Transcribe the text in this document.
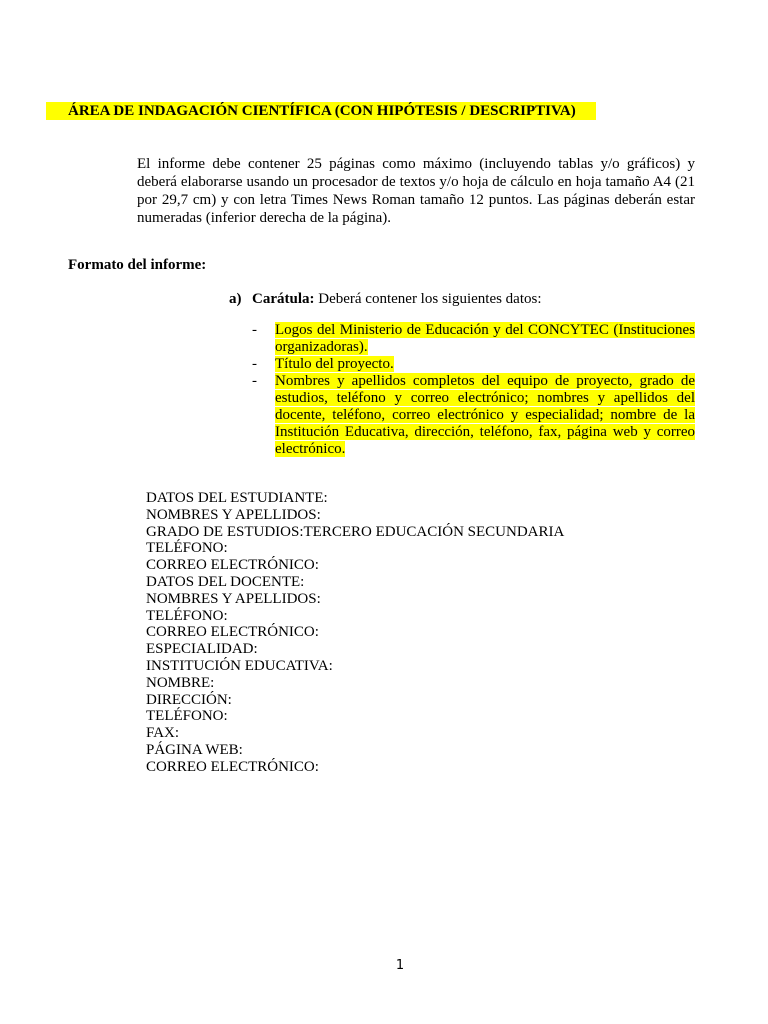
ÁREA DE INDAGACIÓN CIENTÍFICA (CON HIPÓTESIS / DESCRIPTIVA)

El informe debe contener 25 páginas como máximo (incluyendo tablas y/o gráficos) y deberá elaborarse usando un procesador de textos y/o hoja de cálculo en hoja tamaño A4 (21 por 29,7 cm) y con letra Times News Roman tamaño 12 puntos. Las páginas deberán estar numeradas (inferior derecha de la página).

Formato del informe:
a) Carátula: Deberá contener los siguientes datos:
- Logos del Ministerio de Educación y del CONCYTEC (Instituciones organizadoras).
- Título del proyecto.
- Nombres y apellidos completos del equipo de proyecto, grado de estudios, teléfono y correo electrónico; nombres y apellidos del docente, teléfono, correo electrónico y especialidad; nombre de la Institución Educativa, dirección, teléfono, fax, página web y correo electrónico.
DATOS DEL ESTUDIANTE:
NOMBRES Y APELLIDOS:
GRADO DE ESTUDIOS:TERCERO EDUCACIÓN SECUNDARIA
TELÉFONO:
CORREO ELECTRÓNICO:
DATOS DEL DOCENTE:
NOMBRES Y APELLIDOS:
TELÉFONO:
CORREO ELECTRÓNICO:
ESPECIALIDAD:
INSTITUCIÓN EDUCATIVA:
NOMBRE:
DIRECCIÓN:
TELÉFONO:
FAX:
PÁGINA WEB:
CORREO ELECTRÓNICO:
1
